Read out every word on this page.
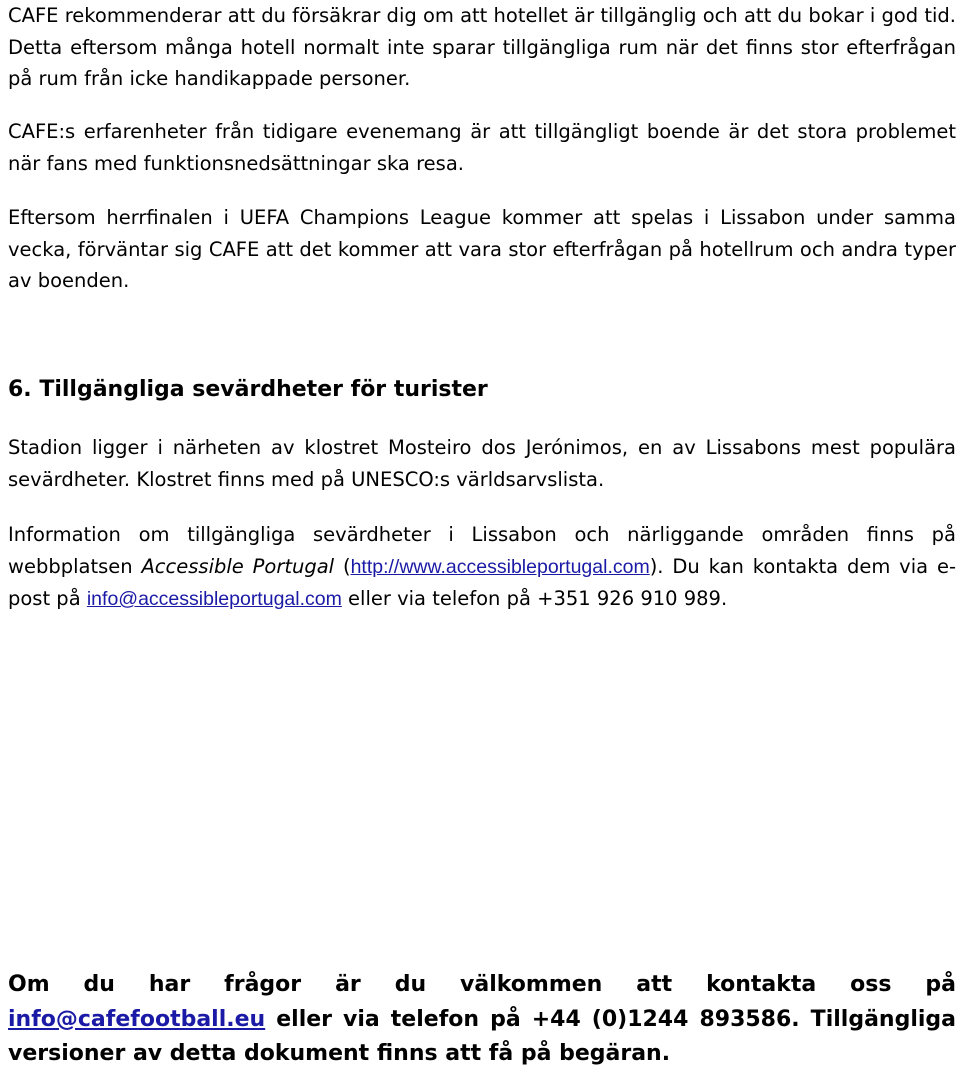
CAFE rekommenderar att du försäkrar dig om att hotellet är tillgänglig och att du bokar i god tid. Detta eftersom många hotell normalt inte sparar tillgängliga rum när det finns stor efterfrågan på rum från icke handikappade personer.

CAFE:s erfarenheter från tidigare evenemang är att tillgängligt boende är det stora problemet när fans med funktionsnedsättningar ska resa.

Eftersom herrfinalen i UEFA Champions League kommer att spelas i Lissabon under samma vecka, förväntar sig CAFE att det kommer att vara stor efterfrågan på hotellrum och andra typer av boenden.

6. Tillgängliga sevärdheter för turister

Stadion ligger i närheten av klostret Mosteiro dos Jerónimos, en av Lissabons mest populära sevärdheter. Klostret finns med på UNESCO:s världsarvslista.

Information om tillgängliga sevärdheter i Lissabon och närliggande områden finns på webbplatsen Accessible Portugal (http://www.accessibleportugal.com). Du kan kontakta dem via e-post på info@accessibleportugal.com eller via telefon på +351 926 910 989.

Om du har frågor är du välkommen att kontakta oss på info@cafefootball.eu eller via telefon på +44 (0)1244 893586. Tillgängliga versioner av detta dokument finns att få på begäran.
